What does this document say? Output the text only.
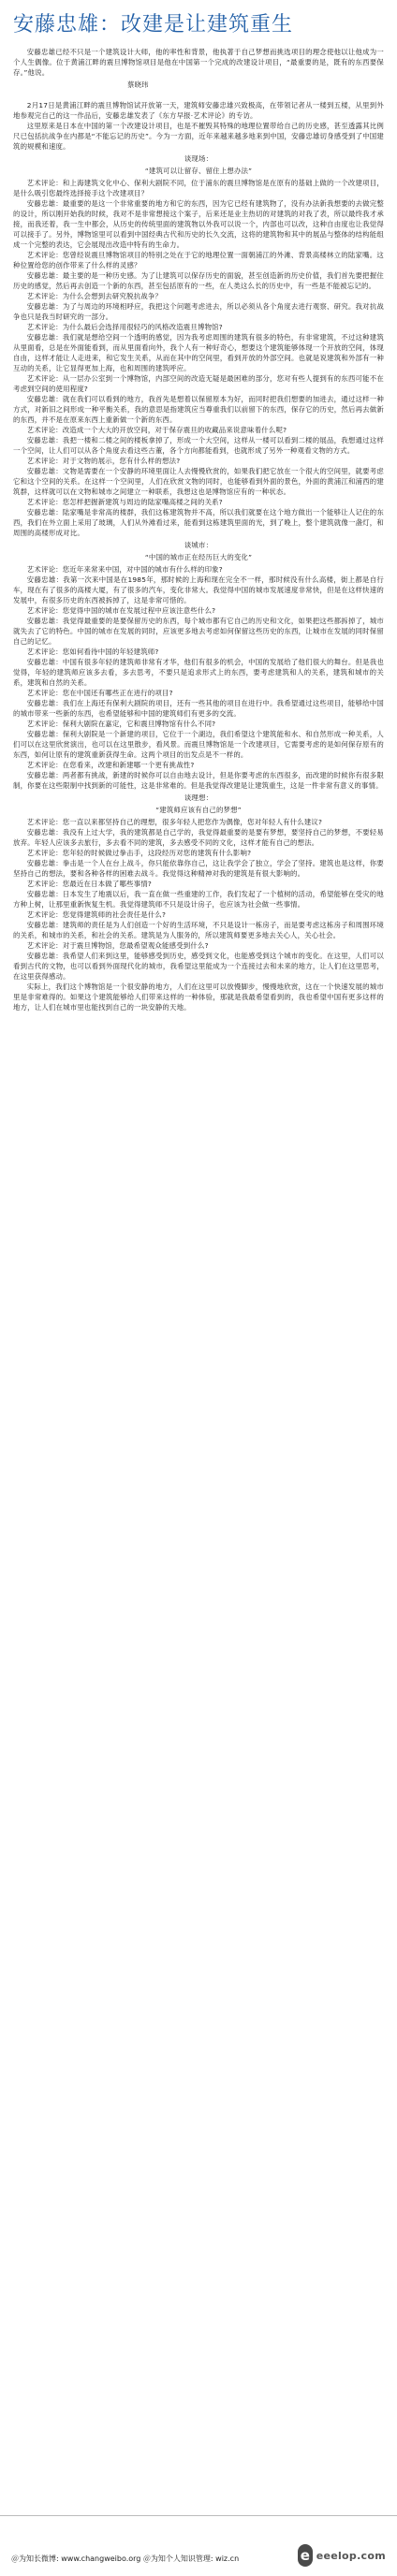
安藤忠雄：改建是让建筑重生

安藤忠雄已经不只是一个建筑设计大师，他的率性和背景，他执著于自己梦想而挑选项目的理念使他以让他成为一个人生偶像。位于黄浦江畔的震旦博物馆项目是他在中国第一个完成的改建设计项目，“最重要的是，既有的东西要保存。”他说。

蔡晓玮

2月17日是黄浦江畔的震旦博物馆试开放第一天，建筑师安藤忠雄兴致极高，在带领记者从一楼到五楼，从里到外地参观完自己的这一作品后，安藤忠雄发表了《东方早报·艺术评论》的专访。

这里原来是日本在中国的第一个改建设计项目，也是不摧毁其特殊的地理位置带给自己的历史感，甚至透露其比例尺已包括抗战争在内都是“不能忘记的历史”。今为一方面，近年来越来越多地来到中国，安藤忠雄切身感受到了中国建筑的规模和速度。

谈现场：

“建筑可以让留存、留住上想办法”

艺术评论：和上海建筑文化中心、保利大剧院不同，位于浦东的震旦博物馆是在原有的基础上做的一个改建项目，是什么吸引您最终选择接手这个改建项目？

安藤忠雄：最重要的是这一个非常重要的地方和它的东西，因为它已经有建筑物了，没有办法新我想要的去做完整的设计，所以刚开始我的时候，我对不是非常想接这个案子，后来还是业主热切的对建筑的对我了表，所以最终我才承接，而我还着，我一生中都会，从历史的传统里面的建筑物以外我可以说一个，内部也可以改，这种自由度也让我觉得可以接手了。另外，博物馆里可以看到中国经典古代和历史的长久交流，这将的建筑物和其中的展品与整体的结构能组成一个完整的表达，它会展现出改造中特有的生命力。

艺术评论：您曾经说震旦博物馆项目的特别之处在于它的地理位置一面朝浦江的外滩、背景高楼林立的陆家嘴。这种位置给您的创作带来了什么样的灵感？

安藤忠雄：最主要的是一种历史感。为了让建筑可以保存历史的面貌，甚至创造新的历史价值，我们首先要把握住历史的感觉，然后再去创造一个新的东西，甚至包括原有的一些，在人类这么长的历史中，有一些是不能被忘记的。

艺术评论：为什么会想到去研究脱抗战争？

安藤忠雄：为了与周边的环境相呼应，我把这个问题考虑进去，所以必须从各个角度去进行观察、研究。我对抗战争也只是我当时研究的一部分。

艺术评论：为什么最后会选择用很轻巧的风格改造震旦博物馆?

安藤忠雄：我们就是想给空间一个透明的感觉，因为我考虑周围的建筑有很多的特色，有非常建筑，不过这种建筑从里面看，总是在外面能看到，而从里面看向外，我个人有一种好奇心，想要这个建筑能够体现一个开放的空间，体现自由，这样才能让人走进来，和它发生关系，从而在其中的空间里，看到开放的外部空间。也就是说建筑和外部有一种互动的关系，让它显得更加上海，也和周围的建筑呼应。

艺术评论：从一层办公室到一个博物馆，内部空间的改造无疑是最困难的部分，您对有些人提到有的东西可能不在考虑到空间的使用程度?

安藤忠雄：就在我们可以看到的地方，我首先是想着以保留原本为好，而同时把我们想要的加进去，通过这样一种方式，对新旧之间形成一种平衡关系，我的意思是指建筑应当尊重我们以前留下的东西，保存它的历史，然后再去做新的东西，并不是在原来东西上重新做一个新的东西。

艺术评论：改造成一个大大的开放空间，对于保存震旦的收藏品来说意味着什么呢?

安藤忠雄：我把一楼和二楼之间的楼板拿掉了，形成一个大空间，这样从一楼可以看到二楼的展品，我想通过这样一个空间，让人们可以从各个角度去看这些古董，各个方向都能看到，也就形成了另外一种观看文物的方式。

艺术评论：对于文物的展示，您有什么样的想法?

安藤忠雄：文物是需要在一个安静的环境里面让人去慢慢欣赏的，如果我们把它放在一个很大的空间里，就要考虑它和这个空间的关系。在这样一个空间里，人们在欣赏文物的同时，也能够看到外面的景色，外面的黄浦江和浦西的建筑群，这样就可以在文物和城市之间建立一种联系，我想这也是博物馆应有的一种状态。

艺术评论：您怎样把握新建筑与周边的陆家嘴高楼之间的关系?

安藤忠雄：陆家嘴是非常高的楼群，我们这栋建筑物并不高，所以我们就要在这个地方做出一个能够让人记住的东西，我们在外立面上采用了玻璃，人们从外滩看过来，能看到这栋建筑里面的光，到了晚上，整个建筑就像一盏灯，和周围的高楼形成对比。

谈城市：

“中国的城市正在经历巨大的变化”

艺术评论：您近年来常来中国，对中国的城市有什么样的印象?

安藤忠雄：我第一次来中国是在1985年，那时候的上海和现在完全不一样，那时候没有什么高楼，街上都是自行车，现在有了很多的高楼大厦，有了很多的汽车，变化非常大。我觉得中国的城市发展速度非常快，但是在这样快速的发展中，有很多历史的东西被拆掉了，这是非常可惜的。

艺术评论：您觉得中国的城市在发展过程中应该注意些什么?

安藤忠雄：我觉得最重要的是要保留历史的东西，每个城市都有它自己的历史和文化，如果把这些都拆掉了，城市就失去了它的特色。中国的城市在发展的同时，应该更多地去考虑如何保留这些历史的东西，让城市在发展的同时保留自己的记忆。

艺术评论：您如何看待中国的年轻建筑师?

安藤忠雄：中国有很多年轻的建筑师非常有才华，他们有很多的机会，中国的发展给了他们很大的舞台。但是我也觉得，年轻的建筑师应该多去看，多去思考，不要只是追求形式上的东西，要考虑建筑和人的关系，建筑和城市的关系，建筑和自然的关系。

艺术评论：您在中国还有哪些正在进行的项目?

安藤忠雄：我们在上海还有保利大剧院的项目，还有一些其他的项目在进行中。我希望通过这些项目，能够给中国的城市带来一些新的东西，也希望能够和中国的建筑师们有更多的交流。

艺术评论：保利大剧院在嘉定，它和震旦博物馆有什么不同?

安藤忠雄：保利大剧院是一个新建的项目，它位于一个湖边，我们希望这个建筑能和水、和自然形成一种关系，人们可以在这里欣赏演出，也可以在这里散步，看风景。而震旦博物馆是一个改建项目，它需要考虑的是如何保存原有的东西，如何让原有的建筑重新获得生命。这两个项目的出发点是不一样的。

艺术评论：在您看来，改建和新建哪一个更有挑战性?

安藤忠雄：两者都有挑战，新建的时候你可以自由地去设计，但是你要考虑的东西很多，而改建的时候你有很多限制，你要在这些限制中找到新的可能性，这是非常难的。但是我觉得改建是让建筑重生，这是一件非常有意义的事情。

谈理想：

“建筑师应该有自己的梦想”

艺术评论：您一直以来都坚持自己的理想，很多年轻人把您作为偶像，您对年轻人有什么建议?

安藤忠雄：我没有上过大学，我的建筑都是自己学的，我觉得最重要的是要有梦想，要坚持自己的梦想，不要轻易放弃。年轻人应该多去旅行，多去看不同的建筑，多去感受不同的文化，这样才能有自己的想法。

艺术评论：您年轻的时候做过拳击手，这段经历对您的建筑有什么影响?

安藤忠雄：拳击是一个人在台上战斗，你只能依靠你自己，这让我学会了独立，学会了坚持。建筑也是这样，你要坚持自己的想法，要和各种各样的困难去战斗。我觉得这种精神对我的建筑是有很大影响的。

艺术评论：您最近在日本做了哪些事情?

安藤忠雄：日本发生了地震以后，我一直在做一些重建的工作，我们发起了一个植树的活动，希望能够在受灾的地方种上树，让那里重新恢复生机。我觉得建筑师不只是设计房子，也应该为社会做一些事情。

艺术评论：您觉得建筑师的社会责任是什么?

安藤忠雄：建筑师的责任是为人们创造一个好的生活环境，不只是设计一栋房子，而是要考虑这栋房子和周围环境的关系，和城市的关系，和社会的关系。建筑是为人服务的，所以建筑师要更多地去关心人，关心社会。

艺术评论：对于震旦博物馆，您最希望观众能感受到什么?

安藤忠雄：我希望人们来到这里，能够感受到历史，感受到文化，也能感受到这个城市的变化。在这里，人们可以看到古代的文物，也可以看到外面现代化的城市，我希望这里能成为一个连接过去和未来的地方，让人们在这里思考，在这里获得感动。

实际上，我们这个博物馆是一个很安静的地方，人们在这里可以放慢脚步，慢慢地欣赏，这在一个快速发展的城市里是非常难得的。如果这个建筑能够给人们带来这样的一种体验，那就是我最希望看到的，我也希望中国有更多这样的地方，让人们在城市里也能找到自己的一块安静的天地。

＠为知长微博: www.changweibo.org ＠为知个人知识管理: wiz.cn	e eeelop.com
